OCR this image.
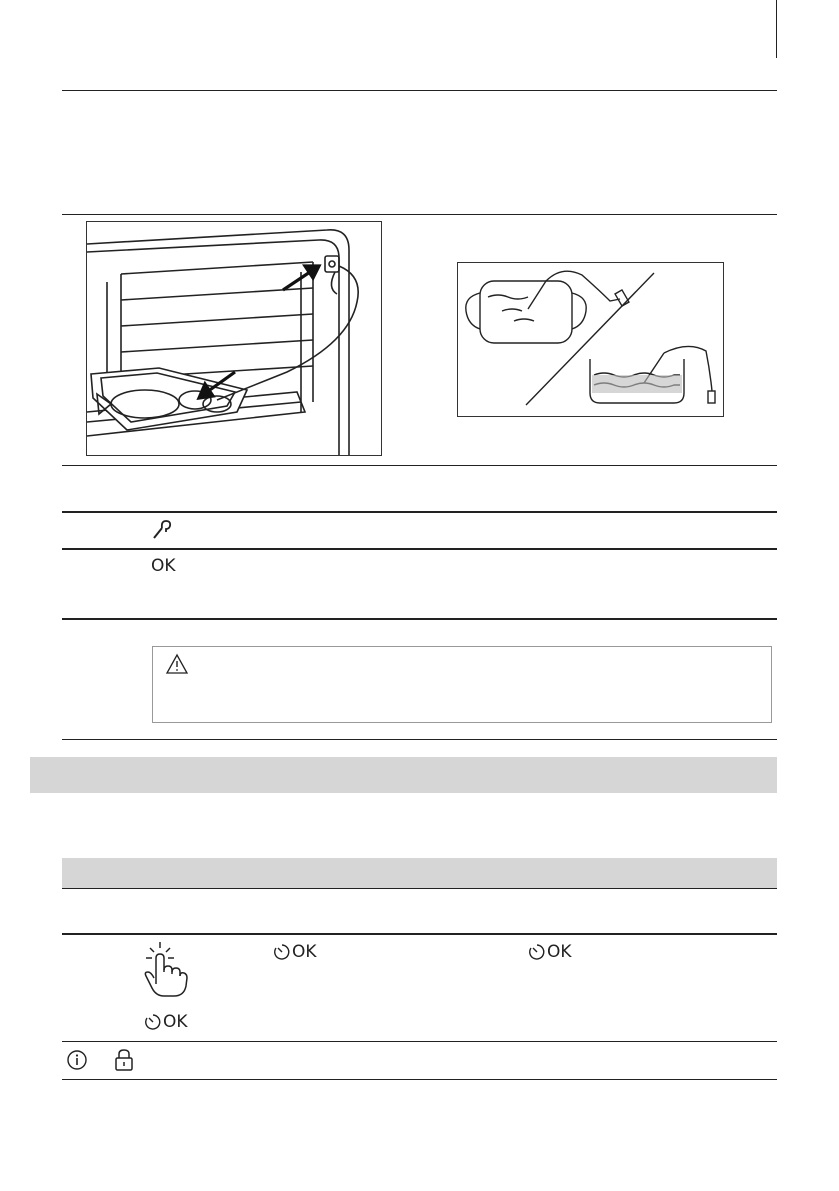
OK
OK
OK	OK
